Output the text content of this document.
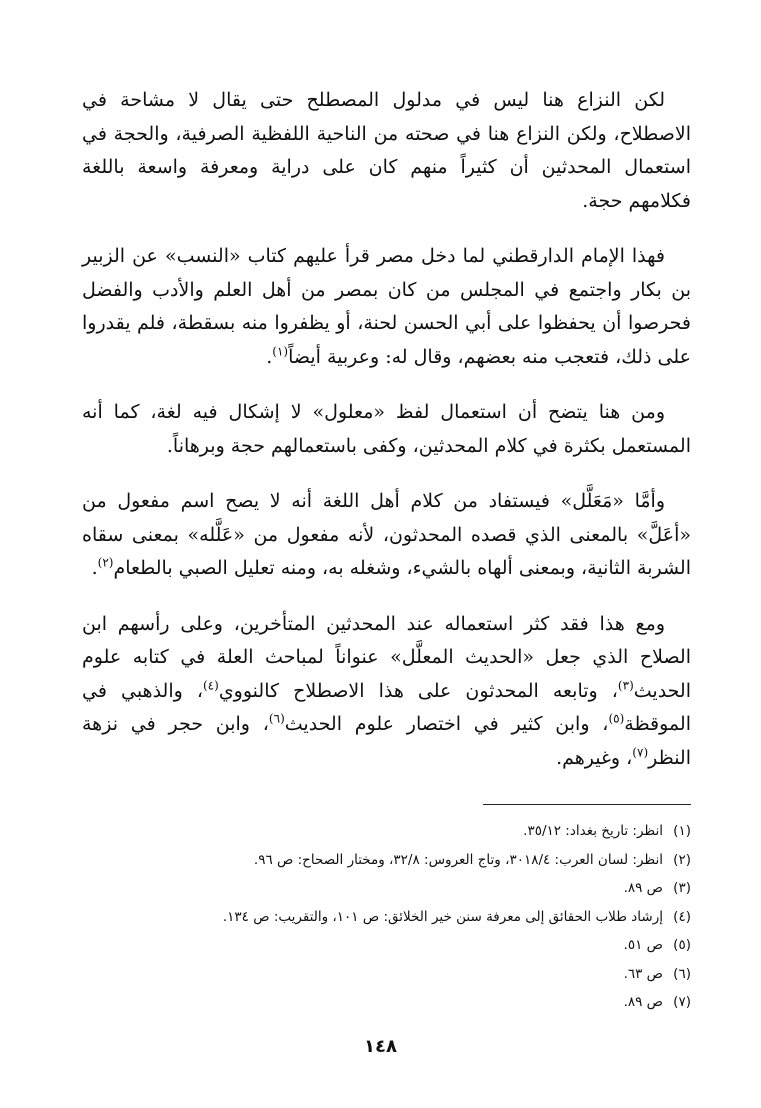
لكن النزاع هنا ليس في مدلول المصطلح حتى يقال لا مشاحة في الاصطلاح، ولكن النزاع هنا في صحته من الناحية اللفظية الصرفية، والحجة في استعمال المحدثين أن كثيراً منهم كان على دراية ومعرفة واسعة باللغة فكلامهم حجة.

فهذا الإمام الدارقطني لما دخل مصر قرأ عليهم كتاب «النسب» عن الزبير بن بكار واجتمع في المجلس من كان بمصر من أهل العلم والأدب والفضل فحرصوا أن يحفظوا على أبي الحسن لحنة، أو يظفروا منه بسقطة، فلم يقدروا على ذلك، فتعجب منه بعضهم، وقال له: وعربية أيضاً$^{(١)}$.

ومن هنا يتضح أن استعمال لفظ «معلول» لا إشكال فيه لغة، كما أنه المستعمل بكثرة في كلام المحدثين، وكفى باستعمالهم حجة وبرهاناً.

وأمَّا «مَعَلَّل» فيستفاد من كلام أهل اللغة أنه لا يصح اسم مفعول من «أعَلَّ» بالمعنى الذي قصده المحدثون، لأنه مفعول من «عَلَّله» بمعنى سقاه الشربة الثانية، وبمعنى ألهاه بالشيء، وشغله به، ومنه تعليل الصبي بالطعام$^{(٢)}$.

ومع هذا فقد كثر استعماله عند المحدثين المتأخرين، وعلى رأسهم ابن الصلاح الذي جعل «الحديث المعلَّل» عنواناً لمباحث العلة في كتابه علوم الحديث$^{(٣)}$، وتابعه المحدثون على هذا الاصطلاح كالنووي$^{(٤)}$، والذهبي في الموقظة$^{(٥)}$، وابن كثير في اختصار علوم الحديث$^{(٦)}$، وابن حجر في نزهة النظر$^{(٧)}$، وغيرهم.

(١)انظر: تاريخ بغداد: ٣٥/١٢.
(٢)انظر: لسان العرب: ٣٠١٨/٤، وتاج العروس: ٣٢/٨، ومختار الصحاح: ص ٩٦.
(٣)ص ٨٩.
(٤)إرشاد طلاب الحقائق إلى معرفة سنن خير الخلائق: ص ١٠١، والتقريب: ص ١٣٤.
(٥)ص ٥١.
(٦)ص ٦٣.
(٧)ص ٨٩.
١٤٨
